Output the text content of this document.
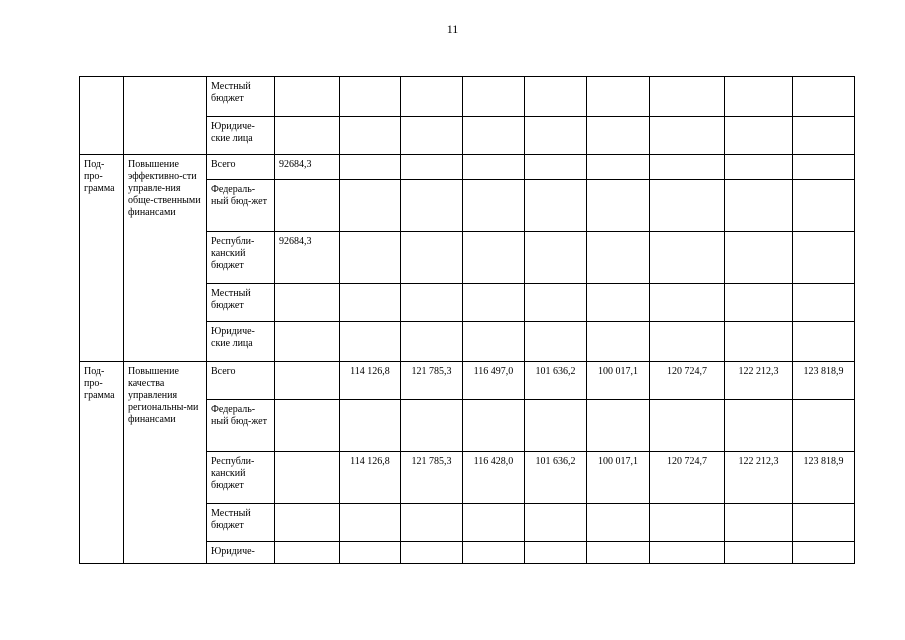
11
		Местный бюджет									
		Юридиче-ские лица									
Под-про-грамма	Повышение эффективно-сти управле-ния обще-ственными финансами	Всего	92684,3								
		Федераль-ный бюд-жет									
		Республи-канский бюджет	92684,3								
		Местный бюджет									
		Юридиче-ские лица									
Под-про-грамма	Повышение качества управления региональны-ми финансами	Всего		114 126,8	121 785,3	116 497,0	101 636,2	100 017,1	120 724,7	122 212,3	123 818,9
		Федераль-ный бюд-жет									
		Республи-канский бюджет		114 126,8	121 785,3	116 428,0	101 636,2	100 017,1	120 724,7	122 212,3	123 818,9
		Местный бюджет									
		Юридиче-									
